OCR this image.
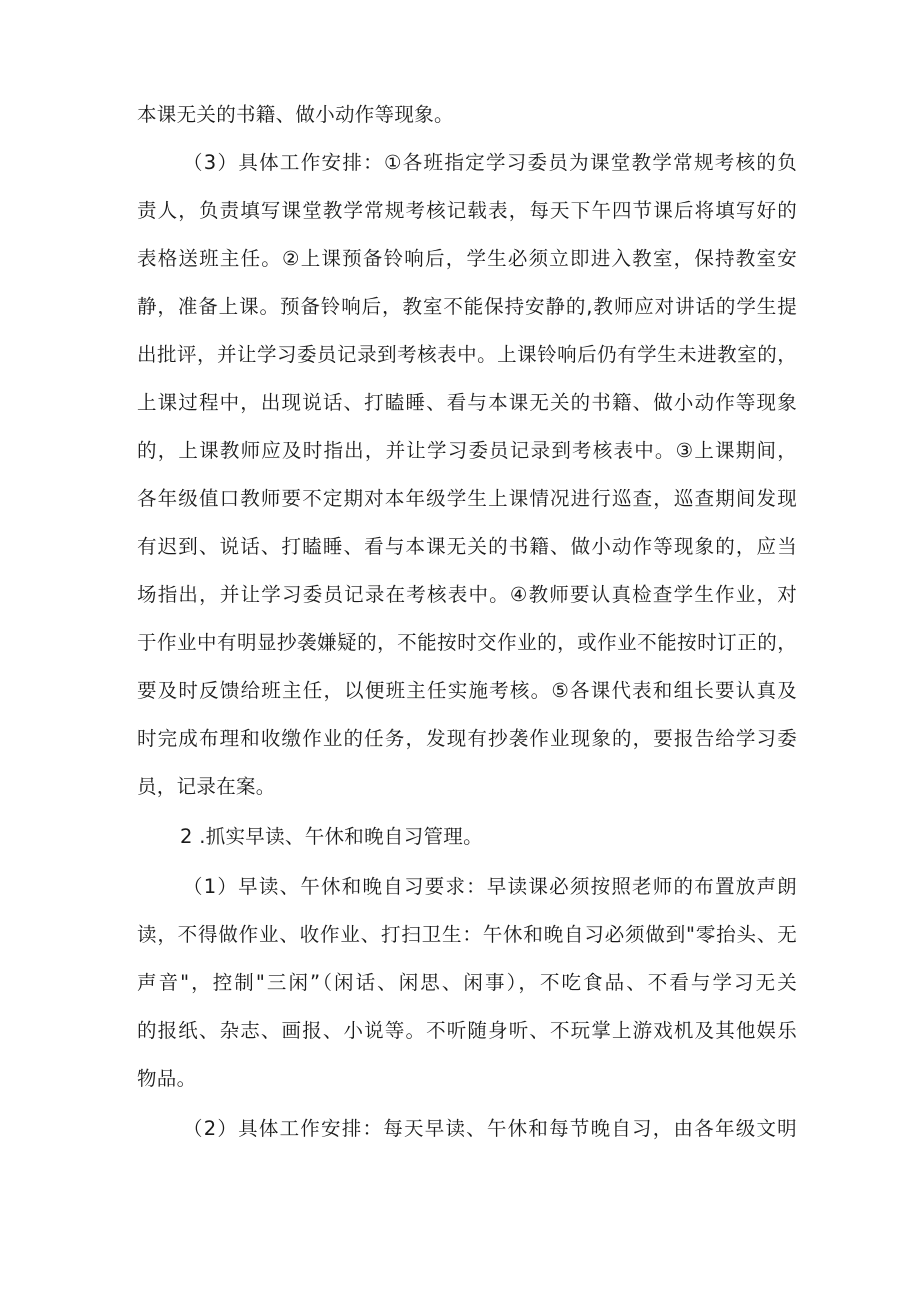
本课无关的书籍、做小动作等现象。
（3）具体工作安排：①各班指定学习委员为课堂教学常规考核的负
责人，负责填写课堂教学常规考核记载表，每天下午四节课后将填写好的
表格送班主任。②上课预备铃响后，学生必须立即进入教室，保持教室安
静，准备上课。预备铃响后，教室不能保持安静的,教师应对讲话的学生提
出批评，并让学习委员记录到考核表中。上课铃响后仍有学生未进教室的，
上课过程中，出现说话、打瞌睡、看与本课无关的书籍、做小动作等现象
的，上课教师应及时指出，并让学习委员记录到考核表中。③上课期间，
各年级值口教师要不定期对本年级学生上课情况进行巡查，巡查期间发现
有迟到、说话、打瞌睡、看与本课无关的书籍、做小动作等现象的，应当
场指出，并让学习委员记录在考核表中。④教师要认真检查学生作业，对
于作业中有明显抄袭嫌疑的，不能按时交作业的，或作业不能按时订正的，
要及时反馈给班主任，以便班主任实施考核。⑤各课代表和组长要认真及
时完成布理和收缴作业的任务，发现有抄袭作业现象的，要报告给学习委
员，记录在案。
2 .抓实早读、午休和晚自习管理。
（1）早读、午休和晚自习要求：早读课必须按照老师的布置放声朗
读，不得做作业、收作业、打扫卫生：午休和晚自习必须做到"零抬头、无
声音"，控制"三闲”（闲话、闲思、闲事），不吃食品、不看与学习无关
的报纸、杂志、画报、小说等。不听随身听、不玩掌上游戏机及其他娱乐
物品。
（2）具体工作安排：每天早读、午休和每节晚自习，由各年级文明
